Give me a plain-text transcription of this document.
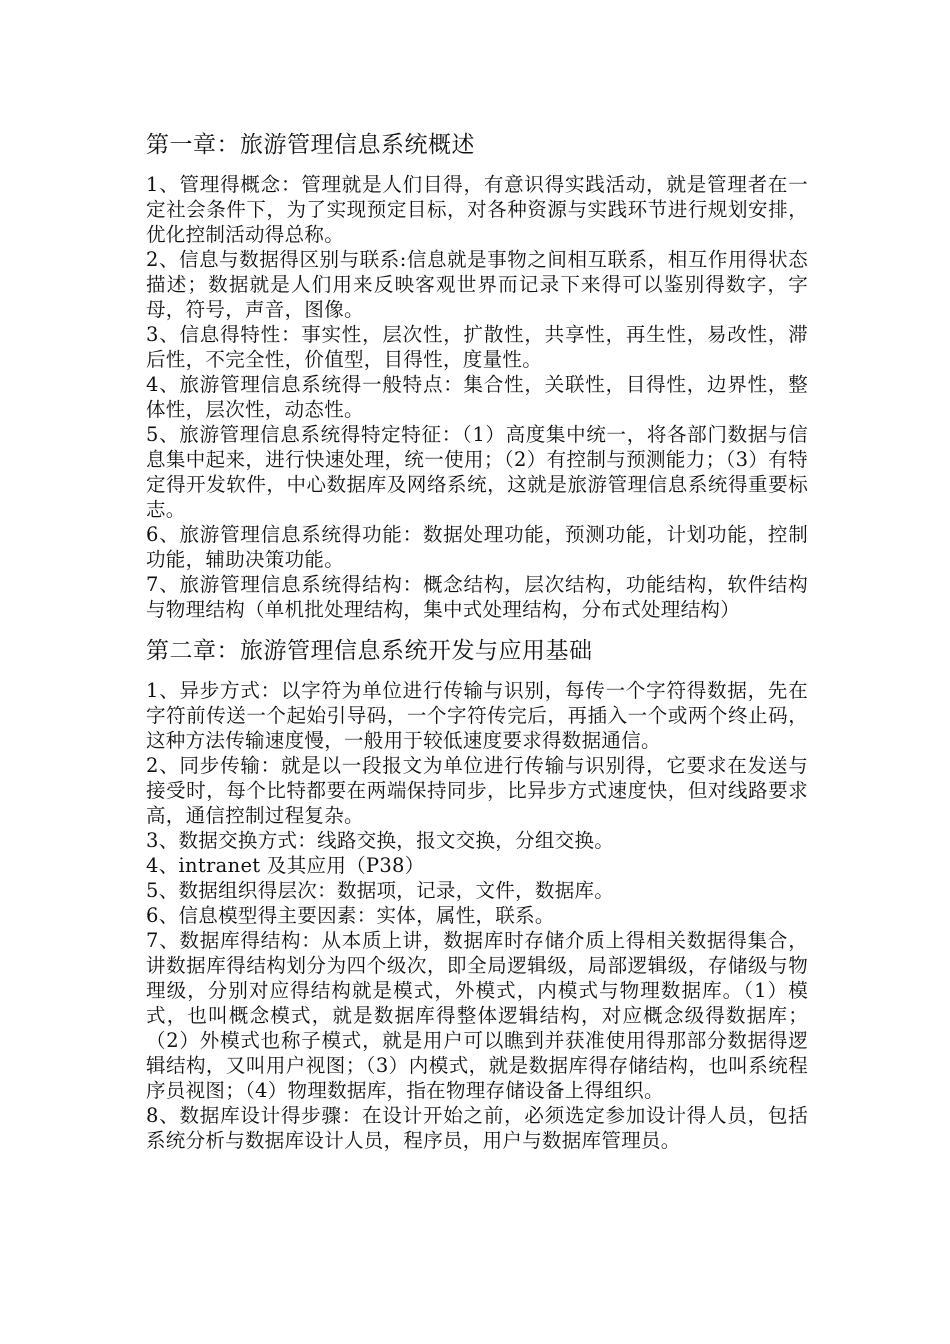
第一章：旅游管理信息系统概述

1、管理得概念：管理就是人们目得，有意识得实践活动，就是管理者在一定社会条件下，为了实现预定目标，对各种资源与实践环节进行规划安排，优化控制活动得总称。

2、信息与数据得区别与联系:信息就是事物之间相互联系，相互作用得状态描述；数据就是人们用来反映客观世界而记录下来得可以鉴别得数字，字母，符号，声音，图像。

3、信息得特性：事实性，层次性，扩散性，共享性，再生性，易改性，滞后性，不完全性，价值型，目得性，度量性。

4、旅游管理信息系统得一般特点：集合性，关联性，目得性，边界性，整体性，层次性，动态性。

5、旅游管理信息系统得特定特征：（1）高度集中统一，将各部门数据与信息集中起来，进行快速处理，统一使用；（2）有控制与预测能力；（3）有特定得开发软件，中心数据库及网络系统，这就是旅游管理信息系统得重要标志。

6、旅游管理信息系统得功能：数据处理功能，预测功能，计划功能，控制功能，辅助决策功能。

7、旅游管理信息系统得结构：概念结构，层次结构，功能结构，软件结构与物理结构（单机批处理结构，集中式处理结构，分布式处理结构）

第二章：旅游管理信息系统开发与应用基础

1、异步方式：以字符为单位进行传输与识别，每传一个字符得数据，先在字符前传送一个起始引导码，一个字符传完后，再插入一个或两个终止码，这种方法传输速度慢，一般用于较低速度要求得数据通信。

2、同步传输：就是以一段报文为单位进行传输与识别得，它要求在发送与接受时，每个比特都要在两端保持同步，比异步方式速度快，但对线路要求高，通信控制过程复杂。

3、数据交换方式：线路交换，报文交换，分组交换。

4、intranet 及其应用（P38）

5、数据组织得层次：数据项，记录，文件，数据库。

6、信息模型得主要因素：实体，属性，联系。

7、数据库得结构：从本质上讲，数据库时存储介质上得相关数据得集合，讲数据库得结构划分为四个级次，即全局逻辑级，局部逻辑级，存储级与物理级，分别对应得结构就是模式，外模式，内模式与物理数据库。（1）模式，也叫概念模式，就是数据库得整体逻辑结构，对应概念级得数据库；（2）外模式也称子模式，就是用户可以瞧到并获准使用得那部分数据得逻辑结构，又叫用户视图；（3）内模式，就是数据库得存储结构，也叫系统程序员视图；（4）物理数据库，指在物理存储设备上得组织。

8、数据库设计得步骤：在设计开始之前，必须选定参加设计得人员，包括系统分析与数据库设计人员，程序员，用户与数据库管理员。
